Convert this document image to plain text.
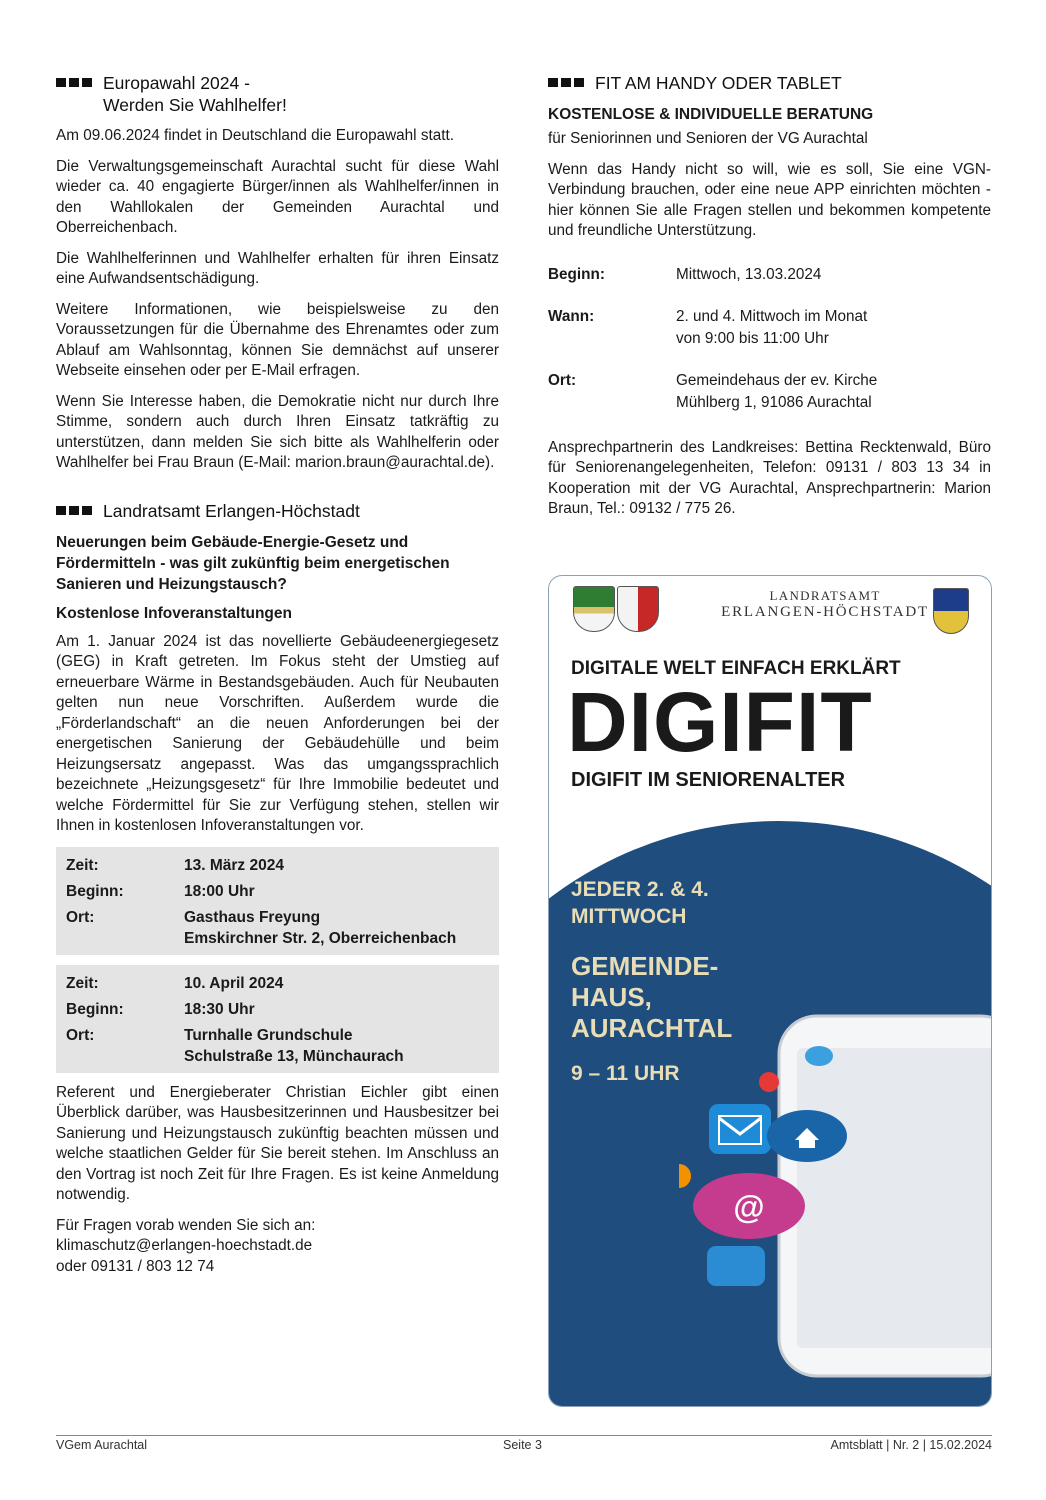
Europawahl 2024 -
Werden Sie Wahlhelfer!

Am 09.06.2024 findet in Deutschland die Europawahl statt.

Die Verwaltungsgemeinschaft Aurachtal sucht für diese Wahl wieder ca. 40 engagierte Bürger/innen als Wahlhelfer/innen in den Wahllokalen der Gemeinden Aurachtal und Oberreichenbach.

Die Wahlhelferinnen und Wahlhelfer erhalten für ihren Einsatz eine Aufwandsentschädigung.

Weitere Informationen, wie beispielsweise zu den Voraussetzungen für die Übernahme des Ehrenamtes oder zum Ablauf am Wahlsonntag, können Sie demnächst auf unserer Webseite einsehen oder per E-Mail erfragen.

Wenn Sie Interesse haben, die Demokratie nicht nur durch Ihre Stimme, sondern auch durch Ihren Einsatz tatkräftig zu unterstützen, dann melden Sie sich bitte als Wahlhelferin oder Wahlhelfer bei Frau Braun (E-Mail: marion.braun@aurachtal.de).

Landratsamt Erlangen-Höchstadt
Neuerungen beim Gebäude-Energie-Gesetz und Fördermitteln - was gilt zukünftig beim energetischen Sanieren und Heizungstausch?
Kostenlose Infoveranstaltungen

Am 1. Januar 2024 ist das novellierte Gebäudeenergiegesetz (GEG) in Kraft getreten. Im Fokus steht der Umstieg auf erneuerbare Wärme in Bestandsgebäuden. Auch für Neubauten gelten nun neue Vorschriften. Außerdem wurde die „Förderlandschaft“ an die neuen Anforderungen bei der energetischen Sanierung der Gebäudehülle und beim Heizungsersatz angepasst. Was das umgangssprachlich bezeichnete „Heizungsgesetz“ für Ihre Immobilie bedeutet und welche Fördermittel für Sie zur Verfügung stehen, stellen wir Ihnen in kostenlosen Infoveranstaltungen vor.

Zeit:	13. März 2024
Beginn:	18:00 Uhr
Ort:	Gasthaus Freyung
Emskirchner Str. 2, Oberreichenbach
Zeit:	10. April 2024
Beginn:	18:30 Uhr
Ort:	Turnhalle Grundschule
Schulstraße 13, Münchaurach

Referent und Energieberater Christian Eichler gibt einen Überblick darüber, was Hausbesitzerinnen und Hausbesitzer bei Sanierung und Heizungstausch zukünftig beachten müssen und welche staatlichen Gelder für Sie bereit stehen. Im Anschluss an den Vortrag ist noch Zeit für Ihre Fragen. Es ist keine Anmeldung notwendig.

Für Fragen vorab wenden Sie sich an:
klimaschutz@erlangen-hoechstadt.de
oder 09131 / 803 12 74
FIT AM HANDY ODER TABLET
KOSTENLOSE & INDIVIDUELLE BERATUNG

für Seniorinnen und Senioren der VG Aurachtal

Wenn das Handy nicht so will, wie es soll, Sie eine VGN-Verbindung brauchen, oder eine neue APP einrichten möchten - hier können Sie alle Fragen stellen und bekommen kompetente und freundliche Unterstützung.

Beginn:	Mittwoch, 13.03.2024
Wann:	2. und 4. Mittwoch im Monat
von 9:00 bis 11:00 Uhr
Ort:	Gemeindehaus der ev. Kirche
Mühlberg 1, 91086 Aurachtal

Ansprechpartnerin des Landkreises: Bettina Recktenwald, Büro für Seniorenangelegenheiten, Telefon: 09131 / 803 13 34 in Kooperation mit der VG Aurachtal, Ansprechpartnerin: Marion Braun, Tel.: 09132 / 775 26.

LANDRATSAMT
ERLANGEN-HÖCHSTADT
DIGITALE WELT EINFACH ERKLÄRT
DIGIFIT
DIGIFIT IM SENIORENALTER
JEDER 2. & 4.
MITTWOCH
GEMEINDE-
HAUS,
AURACHTAL
9 – 11 UHR
@
Kostenlos
& individuell
VGem Aurachtal	Seite 3	Amtsblatt | Nr. 2 | 15.02.2024
